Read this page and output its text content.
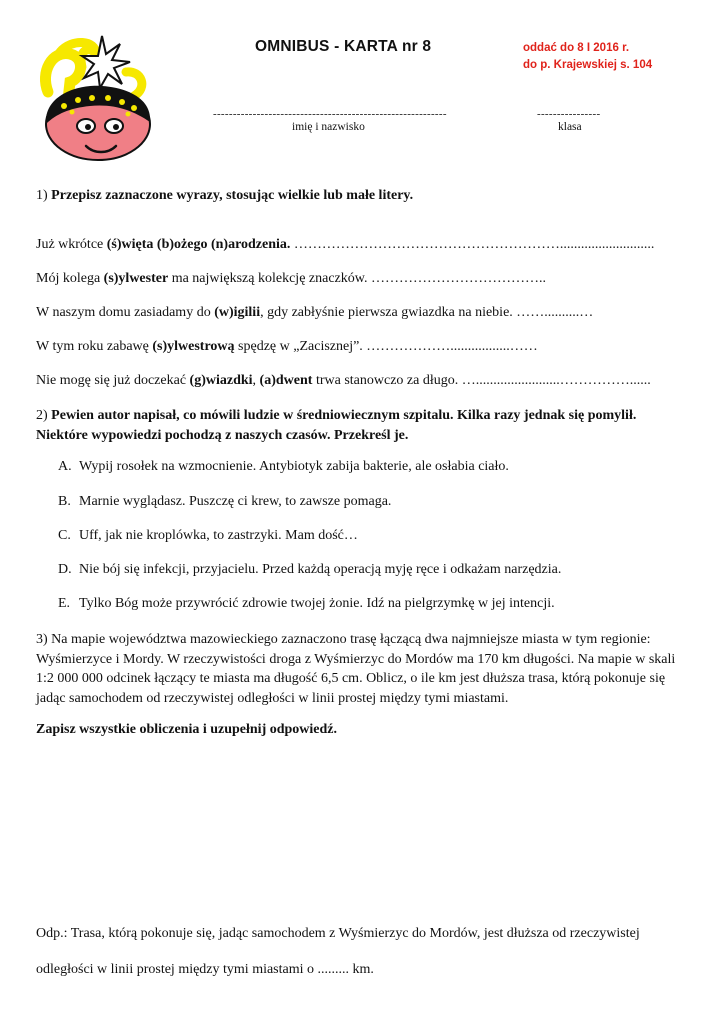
OMNIBUS - KARTA nr 8	oddać do 8 I 2016 r.
do p. Krajewskiej s. 104
-----------------------------------------------------------
imię i nazwisko
----------------
klasa
1) Przepisz zaznaczone wyrazy, stosując wielkie lub małe litery.
Już wkrótce (ś)więta (b)ożego (n)arodzenia. …………………………………………………...........................
Mój kolega (s)ylwester ma największą kolekcję znaczków. ………………………………..
W naszym domu zasiadamy do (w)igilii, gdy zabłyśnie pierwsza gwiazdka na niebie. ……..........…
W tym roku zabawę (s)ylwestrową spędzę w „Zacisznej”. ……………….................……
Nie mogę się już doczekać (g)wiazdki, (a)dwent trwa stanowczo za długo. …........................……………......
2) Pewien autor napisał, co mówili ludzie w średniowiecznym szpitalu. Kilka razy jednak się pomylił. Niektóre wypowiedzi pochodzą z naszych czasów. Przekreśl je.
A. Wypij rosołek na wzmocnienie. Antybiotyk zabija bakterie, ale osłabia ciało.
B. Marnie wyglądasz. Puszczę ci krew, to zawsze pomaga.
C. Uff, jak nie kroplówka, to zastrzyki. Mam dość…
D. Nie bój się infekcji, przyjacielu. Przed każdą operacją myję ręce i odkażam narzędzia.
E. Tylko Bóg może przywrócić zdrowie twojej żonie. Idź na pielgrzymkę w jej intencji.
3) Na mapie województwa mazowieckiego zaznaczono trasę łączącą dwa najmniejsze miasta w tym regionie: Wyśmierzyce i Mordy. W rzeczywistości droga z Wyśmierzyc do Mordów ma 170 km długości. Na mapie w skali 1:2 000 000 odcinek łączący te miasta ma długość 6,5 cm. Oblicz, o ile km jest dłuższa trasa, którą pokonuje się jadąc samochodem od rzeczywistej odległości w linii prostej między tymi miastami.
Zapisz wszystkie obliczenia i uzupełnij odpowiedź.
Odp.: Trasa, którą pokonuje się, jadąc samochodem z Wyśmierzyc do Mordów, jest dłuższa od rzeczywistej
odległości w linii prostej między tymi miastami o ......... km.
